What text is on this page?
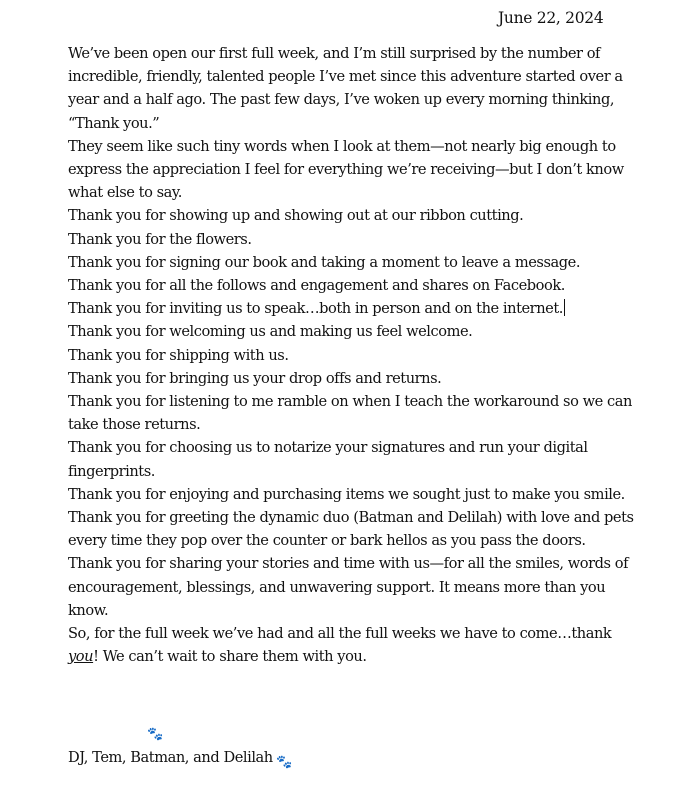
June 22, 2024

We’ve been open our first full week, and I’m still surprised by the number of incredible, friendly, talented people I’ve met since this adventure started over a year and a half ago. The past few days, I’ve woken up every morning thinking, “Thank you.”

They seem like such tiny words when I look at them—not nearly big enough to express the appreciation I feel for everything we’re receiving—but I don’t know what else to say.

Thank you for showing up and showing out at our ribbon cutting.

Thank you for the flowers.

Thank you for signing our book and taking a moment to leave a message.

Thank you for all the follows and engagement and shares on Facebook.

Thank you for inviting us to speak…both in person and on the internet.

Thank you for welcoming us and making us feel welcome.

Thank you for shipping with us.

Thank you for bringing us your drop offs and returns.

Thank you for listening to me ramble on when I teach the workaround so we can take those returns.

Thank you for choosing us to notarize your signatures and run your digital fingerprints.

Thank you for enjoying and purchasing items we sought just to make you smile.

Thank you for greeting the dynamic duo (Batman and Delilah) with love and pets every time they pop over the counter or bark hellos as you pass the doors.

Thank you for sharing your stories and time with us—for all the smiles, words of encouragement, blessings, and unwavering support. It means more than you know.

So, for the full week we’ve had and all the full weeks we have to come…thank you! We can’t wait to share them with you.

🐾
DJ, Tem, Batman, and Delilah 🐾
